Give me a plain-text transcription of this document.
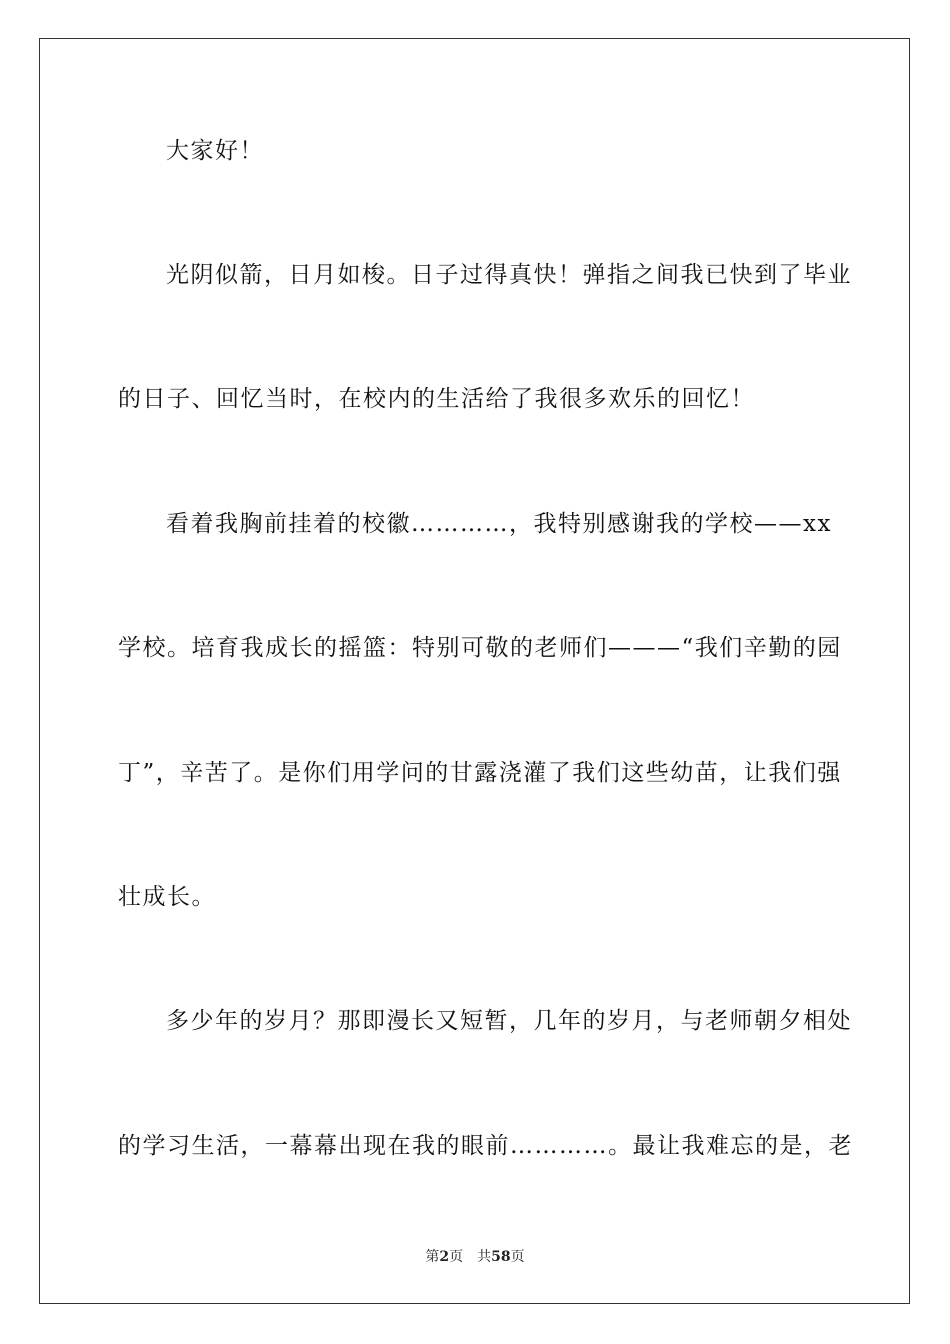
大家好！
光阴似箭，日月如梭。日子过得真快！弹指之间我已快到了毕业
的日子、回忆当时，在校内的生活给了我很多欢乐的回忆！
看着我胸前挂着的校徽…………，我特别感谢我的学校——xx
学校。培育我成长的摇篮：特别可敬的老师们———“我们辛勤的园
丁”，辛苦了。是你们用学问的甘露浇灌了我们这些幼苗，让我们强
壮成长。
多少年的岁月？那即漫长又短暂，几年的岁月，与老师朝夕相处
的学习生活，一幕幕出现在我的眼前…………。最让我难忘的是，老
第2页 共58页
